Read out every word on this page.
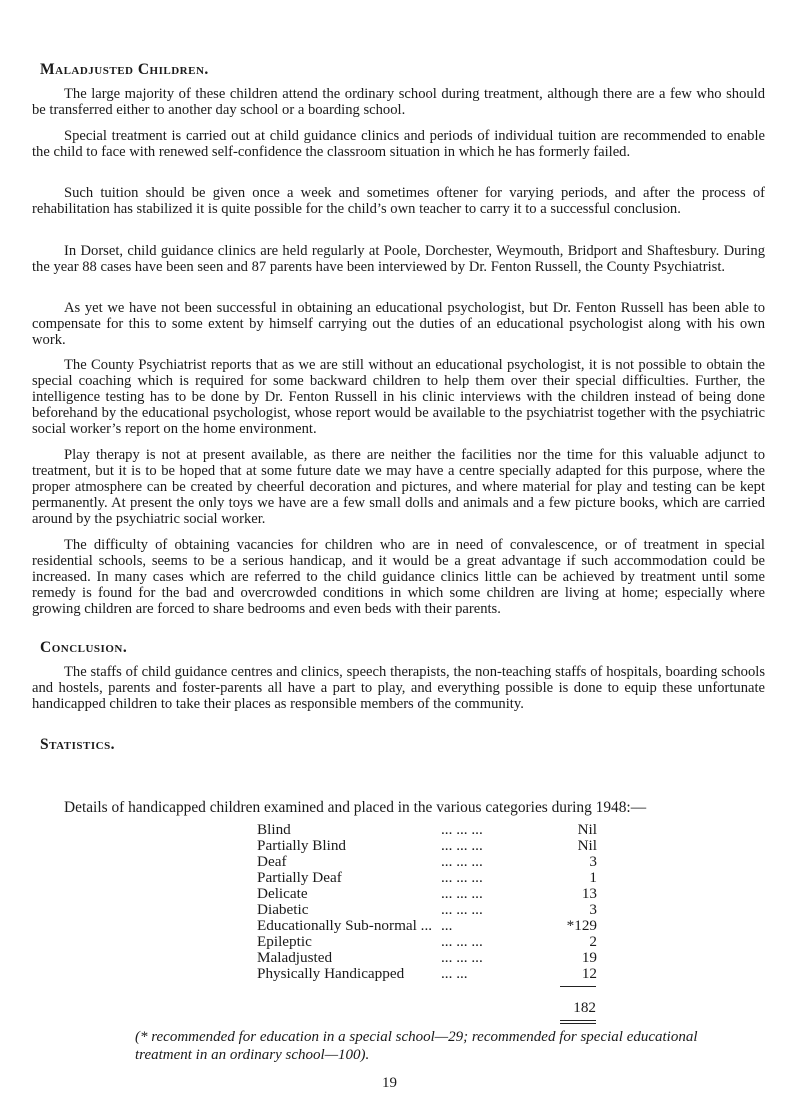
Maladjusted Children.

The large majority of these children attend the ordinary school during treatment, although there are a few who should be transferred either to another day school or a boarding school.

Special treatment is carried out at child guidance clinics and periods of individual tuition are recommended to enable the child to face with renewed self-confidence the classroom situation in which he has formerly failed.

Such tuition should be given once a week and sometimes oftener for varying periods, and after the process of rehabilitation has stabilized it is quite possible for the child’s own teacher to carry it to a successful conclusion.

In Dorset, child guidance clinics are held regularly at Poole, Dorchester, Weymouth, Bridport and Shaftesbury. During the year 88 cases have been seen and 87 parents have been interviewed by Dr. Fenton Russell, the County Psychiatrist.

As yet we have not been successful in obtaining an educational psychologist, but Dr. Fenton Russell has been able to compensate for this to some extent by himself carrying out the duties of an educational psychologist along with his own work.

The County Psychiatrist reports that as we are still without an educational psychologist, it is not possible to obtain the special coaching which is required for some backward children to help them over their special difficulties. Further, the intelligence testing has to be done by Dr. Fenton Russell in his clinic interviews with the children instead of being done beforehand by the educational psychologist, whose report would be available to the psychiatrist together with the psychiatric social worker’s report on the home environment.

Play therapy is not at present available, as there are neither the facilities nor the time for this valuable adjunct to treatment, but it is to be hoped that at some future date we may have a centre specially adapted for this purpose, where the proper atmosphere can be created by cheerful decoration and pictures, and where material for play and testing can be kept permanently. At present the only toys we have are a few small dolls and animals and a few picture books, which are carried around by the psychiatric social worker.

The difficulty of obtaining vacancies for children who are in need of convalescence, or of treatment in special residential schools, seems to be a serious handicap, and it would be a great advantage if such accommodation could be increased. In many cases which are referred to the child guidance clinics little can be achieved by treatment until some remedy is found for the bad and overcrowded conditions in which some children are living at home; especially where growing children are forced to share bedrooms and even beds with their parents.

Conclusion.

The staffs of child guidance centres and clinics, speech therapists, the non-teaching staffs of hospitals, boarding schools and hostels, parents and foster-parents all have a part to play, and everything possible is done to equip these unfortunate handicapped children to take their places as responsible members of the community.

Statistics.

Details of handicapped children examined and placed in the various categories during 1948:—

Blind	... ... ...	Nil
Partially Blind	... ... ...	Nil
Deaf	... ... ...	3
Partially Deaf	... ... ...	1
Delicate	... ... ...	13
Diabetic	... ... ...	3
Educationally Sub-normal ...	...	*129
Epileptic	... ... ...	2
Maladjusted	... ... ...	19
Physically Handicapped	... ...	12
182

(* recommended for education in a special school—29; recommended for special educational treatment in an ordinary school—100).

19
